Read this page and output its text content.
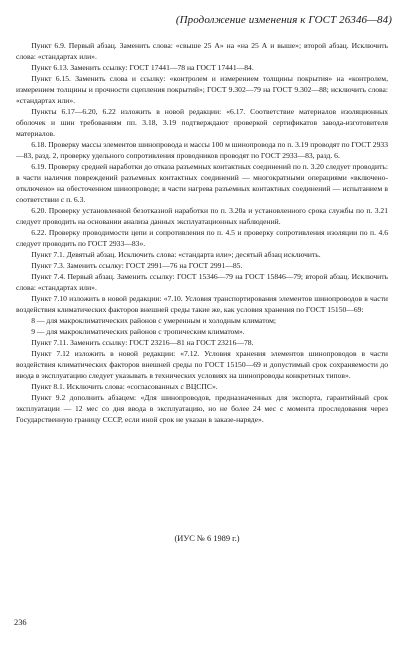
(Продолжение изменения к ГОСТ 26346—84)

Пункт 6.9. Первый абзац. Заменить слова: «свыше 25 А» на «на 25 А и выше»; второй абзац. Исключить слова: «стандартах или».

Пункт 6.13. Заменить ссылку: ГОСТ 17441—78 на ГОСТ 17441—84.

Пункт 6.15. Заменить слова и ссылку: «контролем и измерением толщины покрытия» на «контролем, измерением толщины и прочности сцепления покрытий»; ГОСТ 9.302—79 на ГОСТ 9.302—88; исключить слова: «стандартах или».

Пункты 6.17—6.20, 6.22 изложить в новой редакции: «6.17. Соответствие материалов изоляционных оболочек и шин требованиям пп. 3.18, 3.19 подтверждают проверкой сертификатов завода-изготовителя материалов.

6.18. Проверку массы элементов шинопровода и массы 100 м шинопровода по п. 3.19 проводят по ГОСТ 2933—83, разд. 2, проверку удельного сопротивления проводников проводят по ГОСТ 2933—83, разд. 6.

6.19. Проверку средней наработки до отказа разъемных контактных соединений по п. 3.20 следует проводить: в части наличия повреждений разъемных контактных соединений — многократными операциями «включено-отключено» на обесточенном шинопроводе; в части нагрева разъемных контактных соединений — испытанием в соответствии с п. 6.3.

6.20. Проверку установленной безотказной наработки по п. 3.20а и установленного срока службы по п. 3.21 следует проводить на основании анализа данных эксплуатационных наблюдений.

6.22. Проверку проводимости цепи и сопротивления по п. 4.5 и проверку сопротивления изоляции по п. 4.6 следует проводить по ГОСТ 2933—83».

Пункт 7.1. Девятый абзац. Исключить слова: «стандарта или»; десятый абзац исключить.

Пункт 7.3. Заменить ссылку: ГОСТ 2991—76 на ГОСТ 2991—85.

Пункт 7.4. Первый абзац. Заменить ссылку: ГОСТ 15346—79 на ГОСТ 15846—79; второй абзац. Исключить слова: «стандартах или».

Пункт 7.10 изложить в новой редакции: «7.10. Условия транспортирования элементов шинопроводов в части воздействия климатических факторов внешней среды такие же, как условия хранения по ГОСТ 15150—69:

8 — для макроклиматических районов с умеренным и холодным климатом;

9 — для макроклиматических районов с тропическим климатом».

Пункт 7.11. Заменить ссылку: ГОСТ 23216—81 на ГОСТ 23216—78.

Пункт 7.12 изложить в новой редакции: «7.12. Условия хранения элементов шинопроводов в части воздействия климатических факторов внешней среды по ГОСТ 15150—69 и допустимый срок сохраняемости до ввода в эксплуатацию следует указывать в технических условиях на шинопроводы конкретных типов».

Пункт 8.1. Исключить слова: «согласованных с ВЦСПС».

Пункт 9.2 дополнить абзацем: «Для шинопроводов, предназначенных для экспорта, гарантийный срок эксплуатации — 12 мес со дня ввода в эксплуатацию, но не более 24 мес с момента проследования через Государственную границу СССР, если иной срок не указан в заказе-наряде».

(ИУС № 6 1989 г.)
236
